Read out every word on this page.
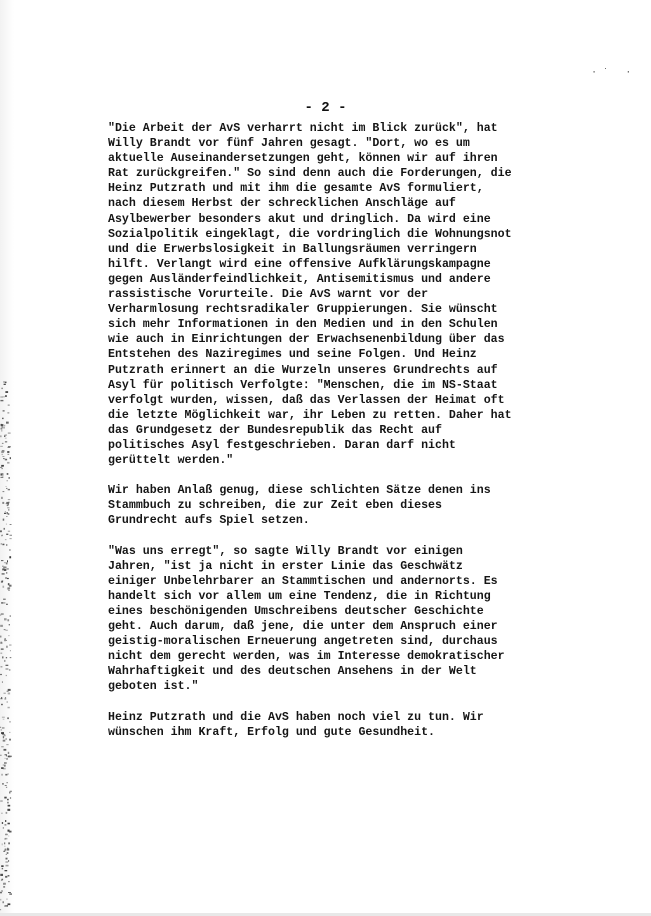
·˙ ·
- 2 -
"Die Arbeit der AvS verharrt nicht im Blick zurück", hat
Willy Brandt vor fünf Jahren gesagt. "Dort, wo es um
aktuelle Auseinandersetzungen geht, können wir auf ihren
Rat zurückgreifen." So sind denn auch die Forderungen, die
Heinz Putzrath und mit ihm die gesamte AvS formuliert,
nach diesem Herbst der schrecklichen Anschläge auf
Asylbewerber besonders akut und dringlich. Da wird eine
Sozialpolitik eingeklagt, die vordringlich die Wohnungsnot
und die Erwerbslosigkeit in Ballungsräumen verringern
hilft. Verlangt wird eine offensive Aufklärungskampagne
gegen Ausländerfeindlichkeit, Antisemitismus und andere
rassistische Vorurteile. Die AvS warnt vor der
Verharmlosung rechtsradikaler Gruppierungen. Sie wünscht
sich mehr Informationen in den Medien und in den Schulen
wie auch in Einrichtungen der Erwachsenenbildung über das
Entstehen des Naziregimes und seine Folgen. Und Heinz
Putzrath erinnert an die Wurzeln unseres Grundrechts auf
Asyl für politisch Verfolgte: "Menschen, die im NS-Staat
verfolgt wurden, wissen, daß das Verlassen der Heimat oft
die letzte Möglichkeit war, ihr Leben zu retten. Daher hat
das Grundgesetz der Bundesrepublik das Recht auf
politisches Asyl festgeschrieben. Daran darf nicht
gerüttelt werden."
Wir haben Anlaß genug, diese schlichten Sätze denen ins
Stammbuch zu schreiben, die zur Zeit eben dieses
Grundrecht aufs Spiel setzen.
"Was uns erregt", so sagte Willy Brandt vor einigen
Jahren, "ist ja nicht in erster Linie das Geschwätz
einiger Unbelehrbarer an Stammtischen und andernorts. Es
handelt sich vor allem um eine Tendenz, die in Richtung
eines beschönigenden Umschreibens deutscher Geschichte
geht. Auch darum, daß jene, die unter dem Anspruch einer
geistig-moralischen Erneuerung angetreten sind, durchaus
nicht dem gerecht werden, was im Interesse demokratischer
Wahrhaftigkeit und des deutschen Ansehens in der Welt
geboten ist."
Heinz Putzrath und die AvS haben noch viel zu tun. Wir
wünschen ihm Kraft, Erfolg und gute Gesundheit.
